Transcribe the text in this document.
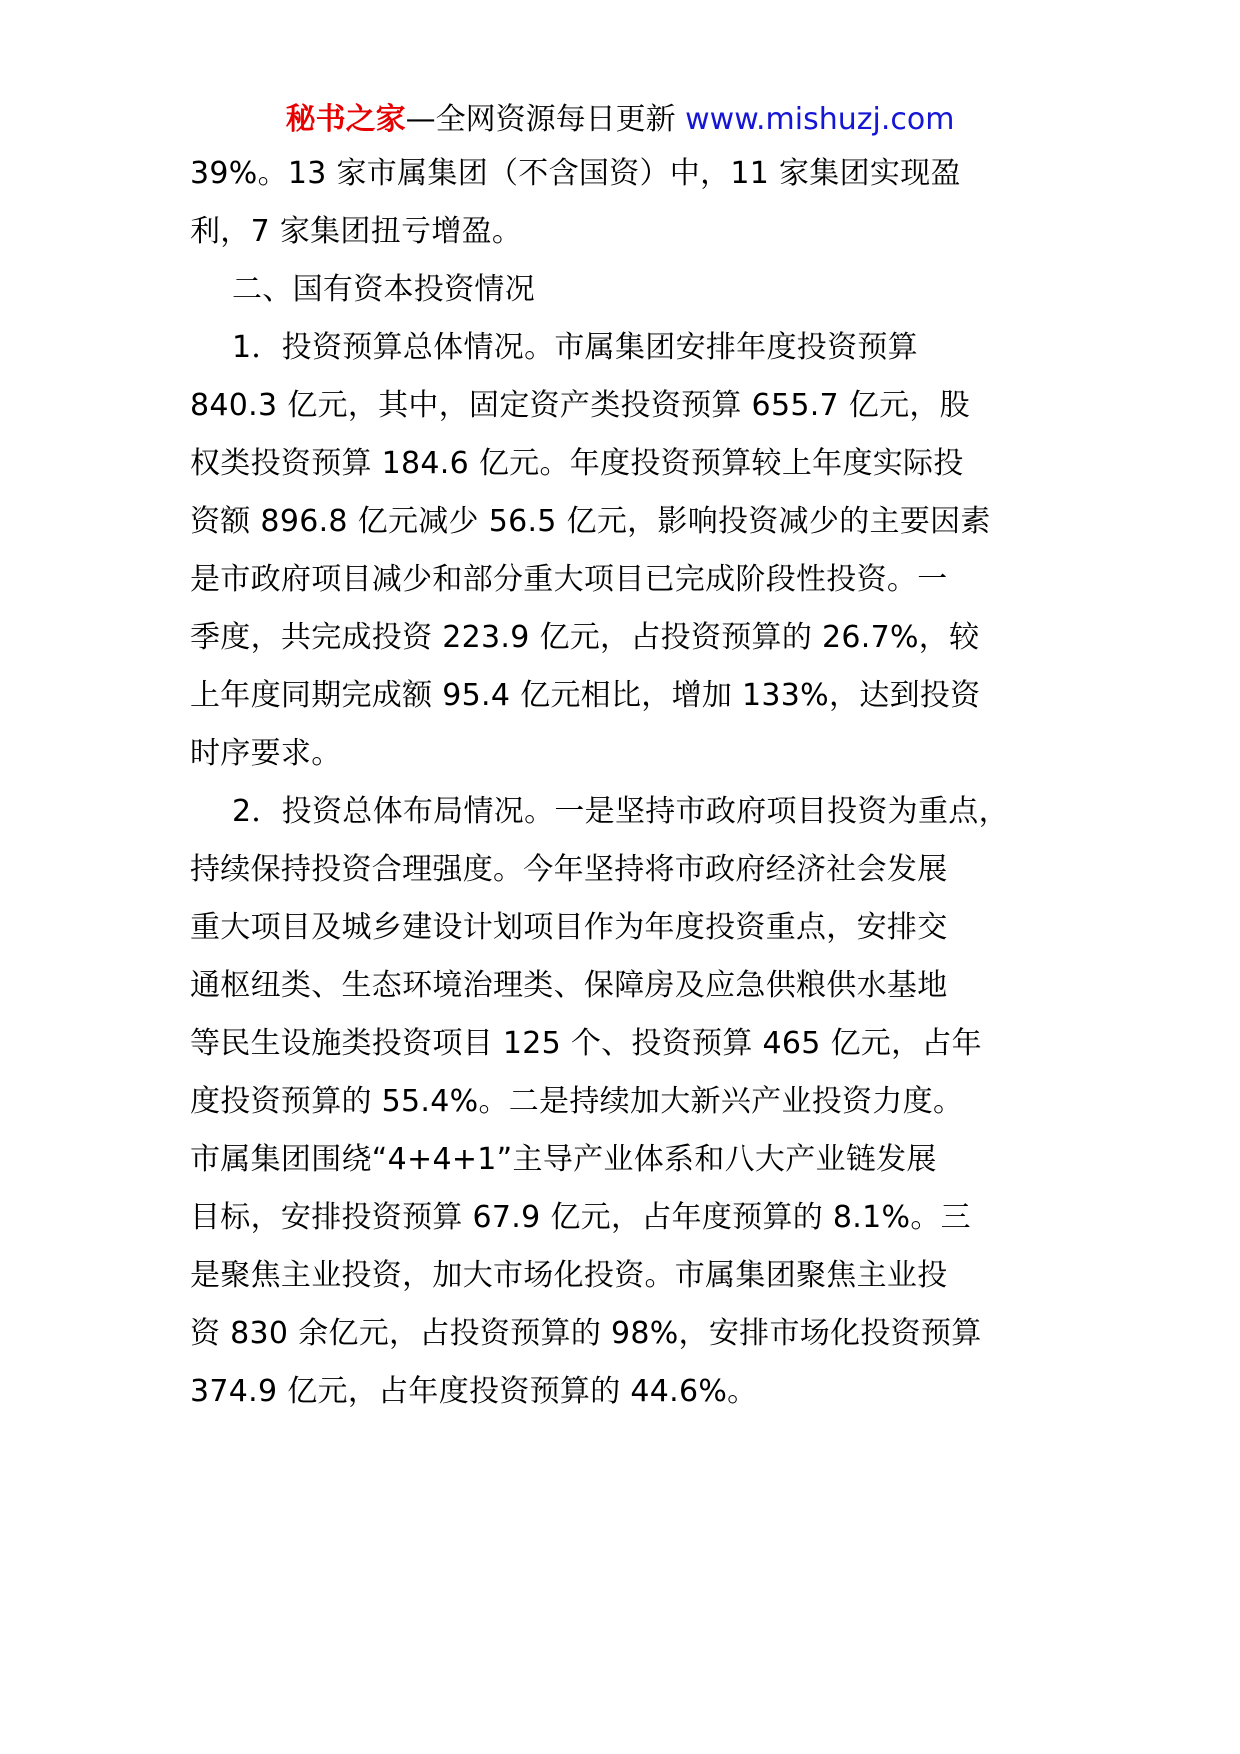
秘书之家—全网资源每日更新 www.mishuzj.com
39%。13 家市属集团（不含国资）中，11 家集团实现盈
利，7 家集团扭亏增盈。
二、国有资本投资情况
1．投资预算总体情况。市属集团安排年度投资预算
840.3 亿元，其中，固定资产类投资预算 655.7 亿元，股
权类投资预算 184.6 亿元。年度投资预算较上年度实际投
资额 896.8 亿元减少 56.5 亿元，影响投资减少的主要因素
是市政府项目减少和部分重大项目已完成阶段性投资。一
季度，共完成投资 223.9 亿元，占投资预算的 26.7%，较
上年度同期完成额 95.4 亿元相比，增加 133%，达到投资
时序要求。
2．投资总体布局情况。一是坚持市政府项目投资为重点，
持续保持投资合理强度。今年坚持将市政府经济社会发展
重大项目及城乡建设计划项目作为年度投资重点，安排交
通枢纽类、生态环境治理类、保障房及应急供粮供水基地
等民生设施类投资项目 125 个、投资预算 465 亿元，占年
度投资预算的 55.4%。二是持续加大新兴产业投资力度。
市属集团围绕“4+4+1”主导产业体系和八大产业链发展
目标，安排投资预算 67.9 亿元，占年度预算的 8.1%。三
是聚焦主业投资，加大市场化投资。市属集团聚焦主业投
资 830 余亿元，占投资预算的 98%，安排市场化投资预算
374.9 亿元，占年度投资预算的 44.6%。
